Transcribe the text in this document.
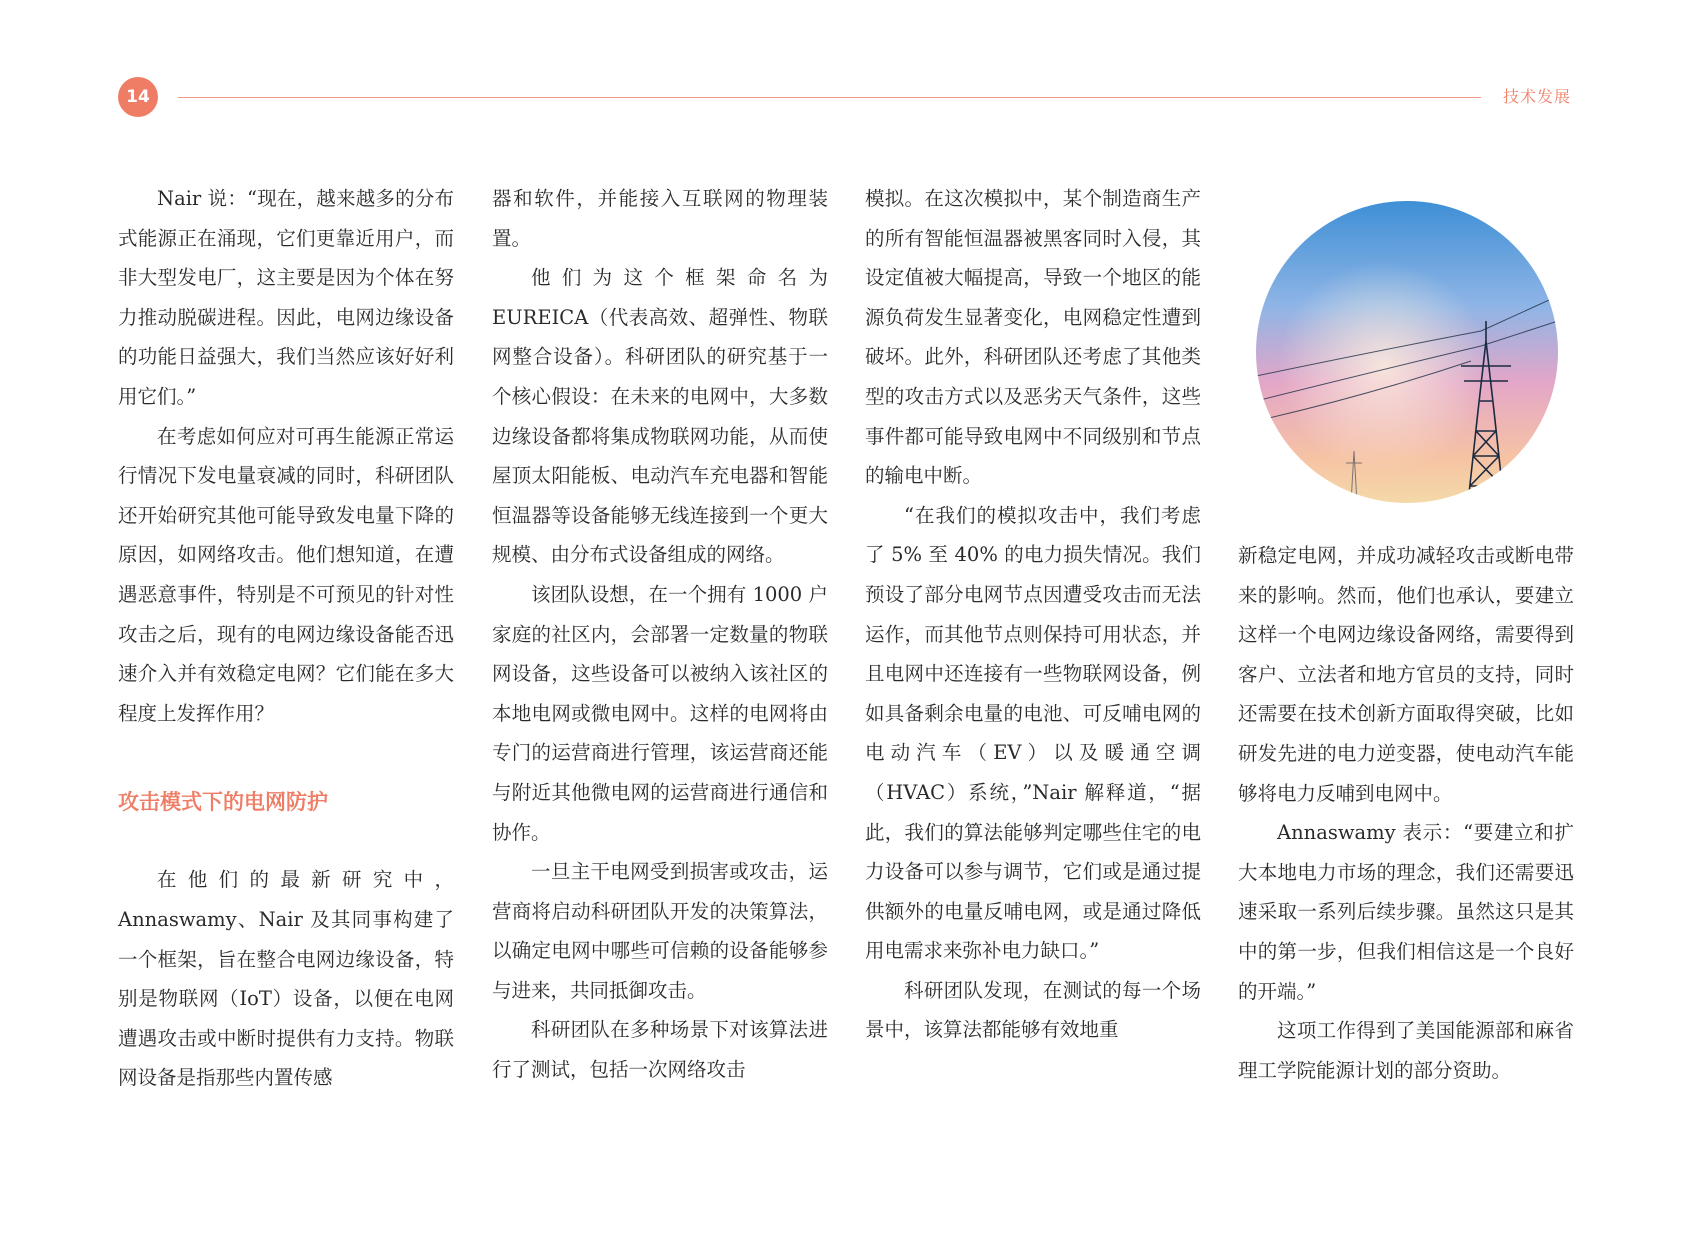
14	技术发展

Nair 说：“现在，越来越多的分布式能源正在涌现，它们更靠近用户，而非大型发电厂，这主要是因为个体在努力推动脱碳进程。因此，电网边缘设备的功能日益强大，我们当然应该好好利用它们。”

在考虑如何应对可再生能源正常运行情况下发电量衰减的同时，科研团队还开始研究其他可能导致发电量下降的原因，如网络攻击。他们想知道，在遭遇恶意事件，特别是不可预见的针对性攻击之后，现有的电网边缘设备能否迅速介入并有效稳定电网？它们能在多大程度上发挥作用？

攻击模式下的电网防护

在他们的最新研究中，Annaswamy、Nair 及其同事构建了一个框架，旨在整合电网边缘设备，特别是物联网（IoT）设备，以便在电网遭遇攻击或中断时提供有力支持。物联网设备是指那些内置传感

器和软件，并能接入互联网的物理装置。

他们为这个框架命名为 EUREICA（代表高效、超弹性、物联网整合设备）。科研团队的研究基于一个核心假设：在未来的电网中，大多数边缘设备都将集成物联网功能，从而使屋顶太阳能板、电动汽车充电器和智能恒温器等设备能够无线连接到一个更大规模、由分布式设备组成的网络。

该团队设想，在一个拥有 1000 户家庭的社区内，会部署一定数量的物联网设备，这些设备可以被纳入该社区的本地电网或微电网中。这样的电网将由专门的运营商进行管理，该运营商还能与附近其他微电网的运营商进行通信和协作。

一旦主干电网受到损害或攻击，运营商将启动科研团队开发的决策算法，以确定电网中哪些可信赖的设备能够参与进来，共同抵御攻击。

科研团队在多种场景下对该算法进行了测试，包括一次网络攻击

模拟。在这次模拟中，某个制造商生产的所有智能恒温器被黑客同时入侵，其设定值被大幅提高，导致一个地区的能源负荷发生显著变化，电网稳定性遭到破坏。此外，科研团队还考虑了其他类型的攻击方式以及恶劣天气条件，这些事件都可能导致电网中不同级别和节点的输电中断。

“在我们的模拟攻击中，我们考虑了 5% 至 40% 的电力损失情况。我们预设了部分电网节点因遭受攻击而无法运作，而其他节点则保持可用状态，并且电网中还连接有一些物联网设备，例如具备剩余电量的电池、可反哺电网的电动汽车（EV）以及暖通空调（HVAC）系统，”Nair 解释道，“据此，我们的算法能够判定哪些住宅的电力设备可以参与调节，它们或是通过提供额外的电量反哺电网，或是通过降低用电需求来弥补电力缺口。”

科研团队发现，在测试的每一个场景中，该算法都能够有效地重

新稳定电网，并成功减轻攻击或断电带来的影响。然而，他们也承认，要建立这样一个电网边缘设备网络，需要得到客户、立法者和地方官员的支持，同时还需要在技术创新方面取得突破，比如研发先进的电力逆变器，使电动汽车能够将电力反哺到电网中。

Annaswamy 表示：“要建立和扩大本地电力市场的理念，我们还需要迅速采取一系列后续步骤。虽然这只是其中的第一步，但我们相信这是一个良好的开端。”

这项工作得到了美国能源部和麻省理工学院能源计划的部分资助。
